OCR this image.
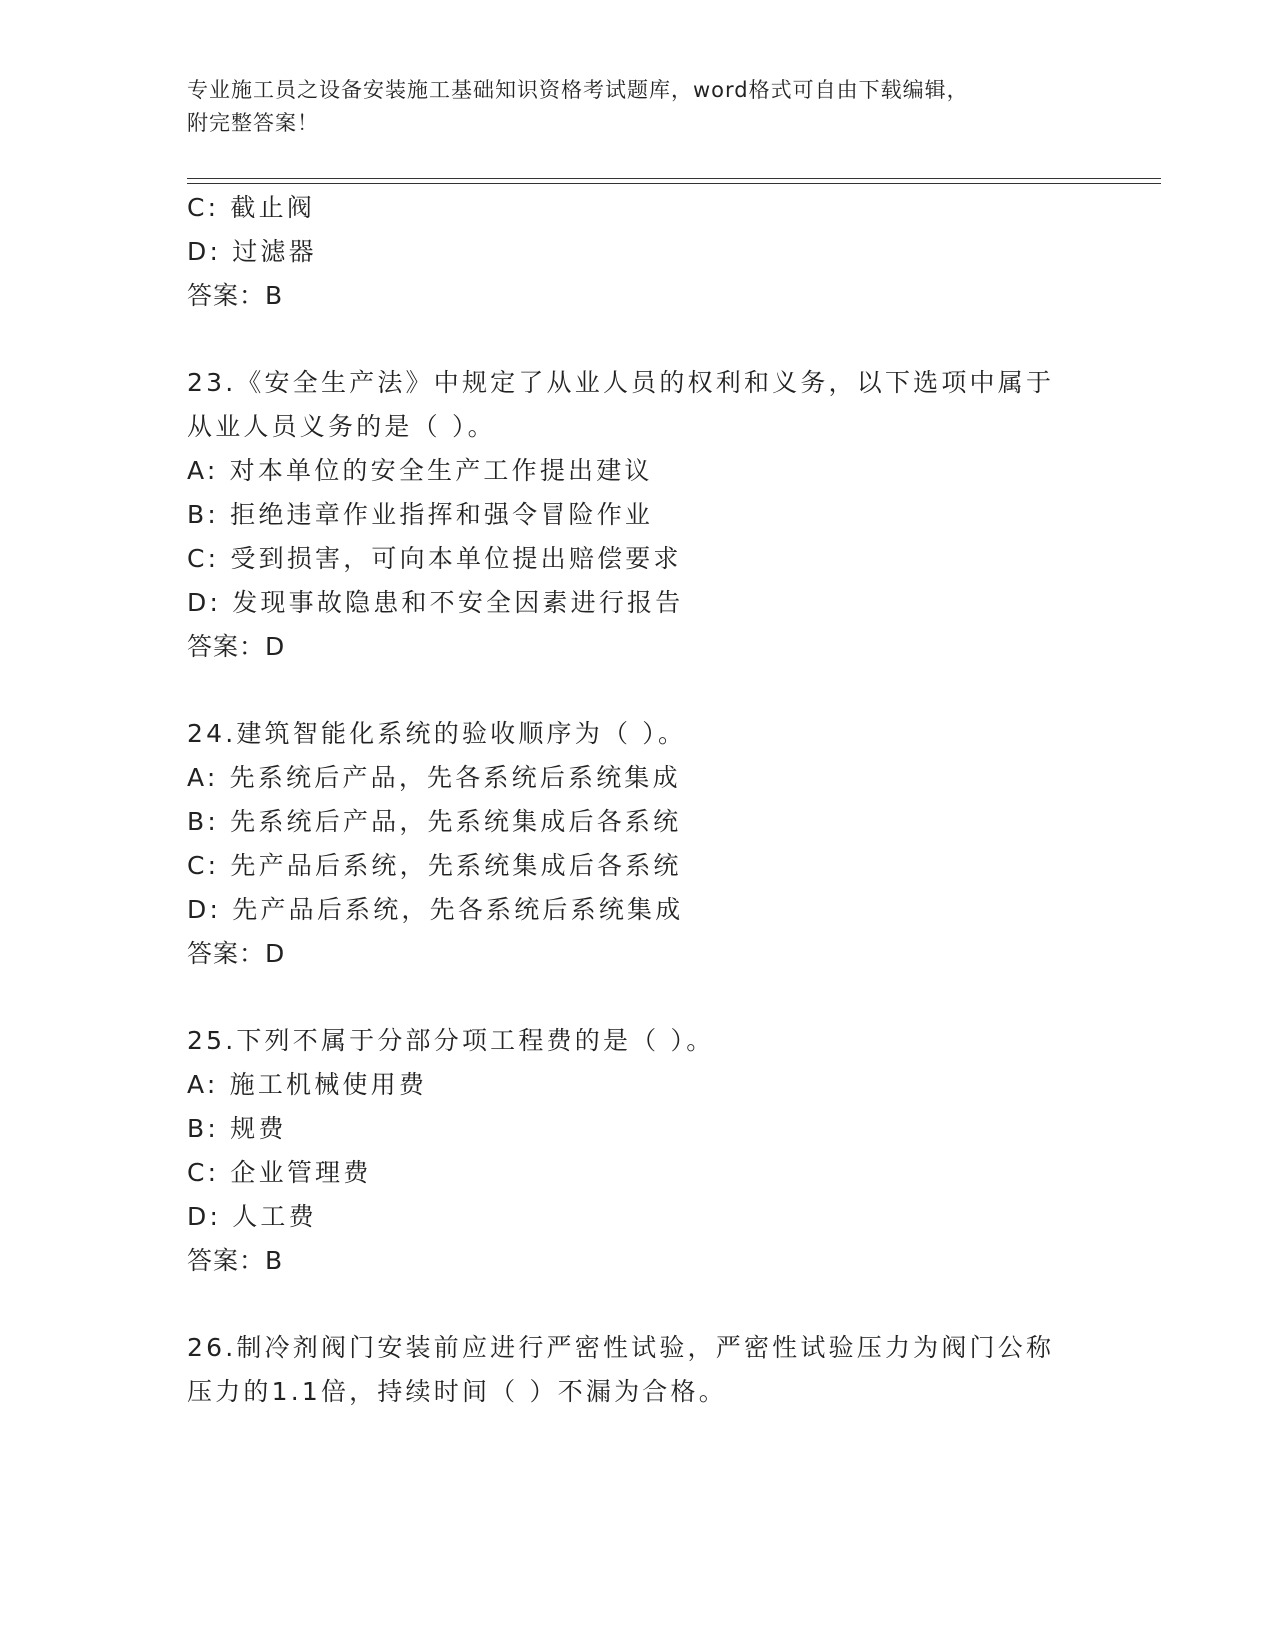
专业施工员之设备安装施工基础知识资格考试题库，word格式可自由下载编辑，
附完整答案！
C: 截止阀
D: 过滤器
答案：B
23.《安全生产法》中规定了从业人员的权利和义务，以下选项中属于
从业人员义务的是（ ）。
A: 对本单位的安全生产工作提出建议
B: 拒绝违章作业指挥和强令冒险作业
C: 受到损害，可向本单位提出赔偿要求
D: 发现事故隐患和不安全因素进行报告
答案：D
24.建筑智能化系统的验收顺序为（ ）。
A: 先系统后产品，先各系统后系统集成
B: 先系统后产品，先系统集成后各系统
C: 先产品后系统，先系统集成后各系统
D: 先产品后系统，先各系统后系统集成
答案：D
25.下列不属于分部分项工程费的是（ ）。
A: 施工机械使用费
B: 规费
C: 企业管理费
D: 人工费
答案：B
26.制冷剂阀门安装前应进行严密性试验，严密性试验压力为阀门公称
压力的1.1倍，持续时间（ ）不漏为合格。
